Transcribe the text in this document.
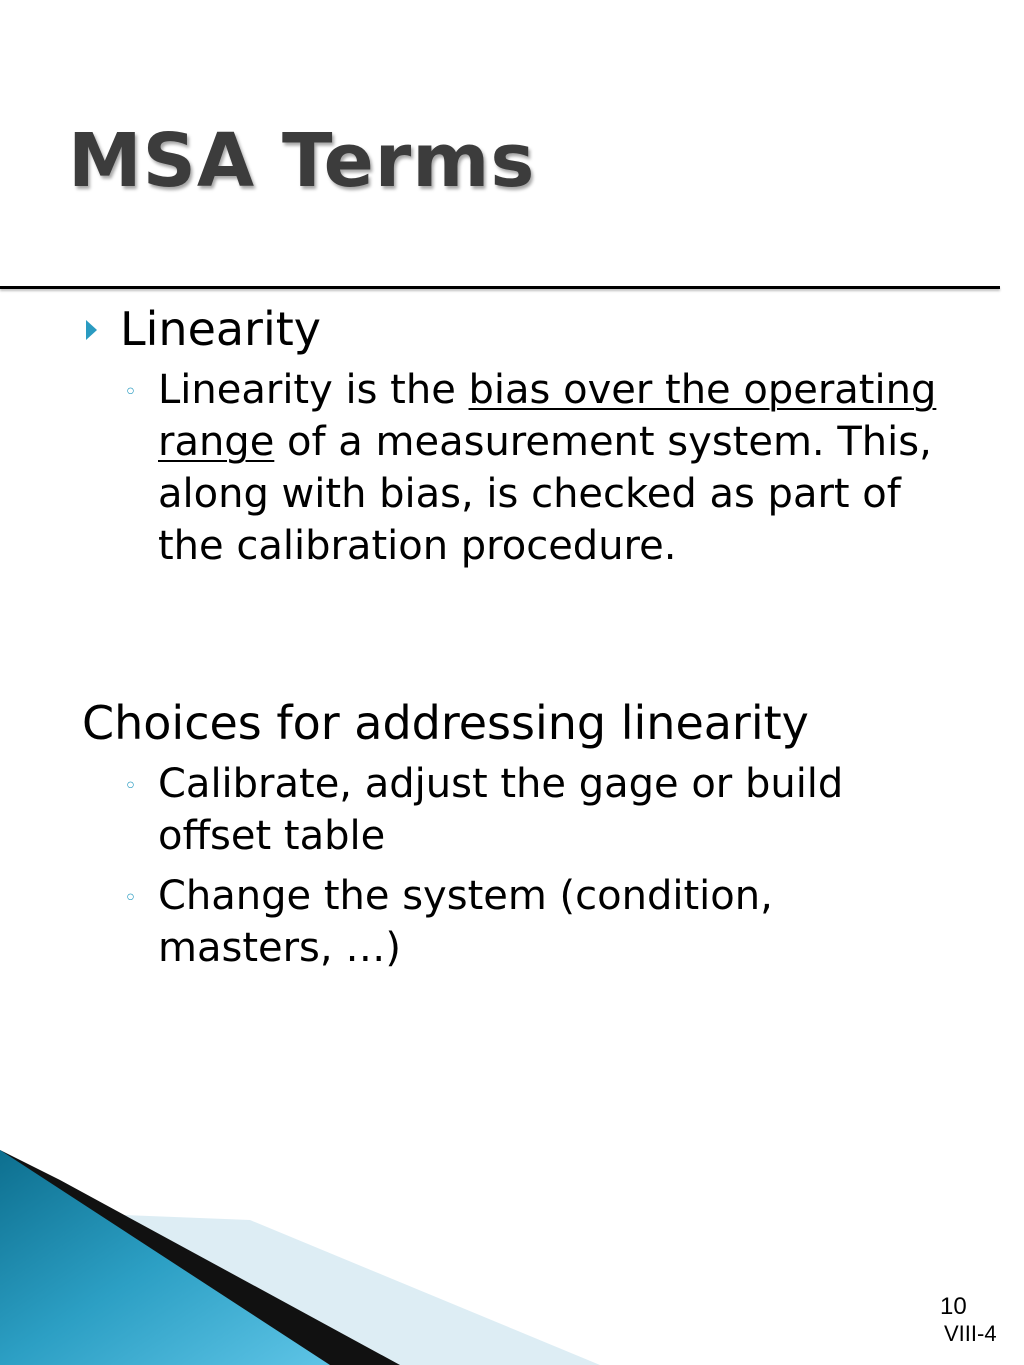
MSA Terms
Linearity
◦ Linearity is the bias over the operating range of a measurement system. This, along with bias, is checked as part of the calibration procedure.
Choices for addressing linearity
◦ Calibrate, adjust the gage or build offset table
◦ Change the system (condition, masters, …)
10
VIII-4
